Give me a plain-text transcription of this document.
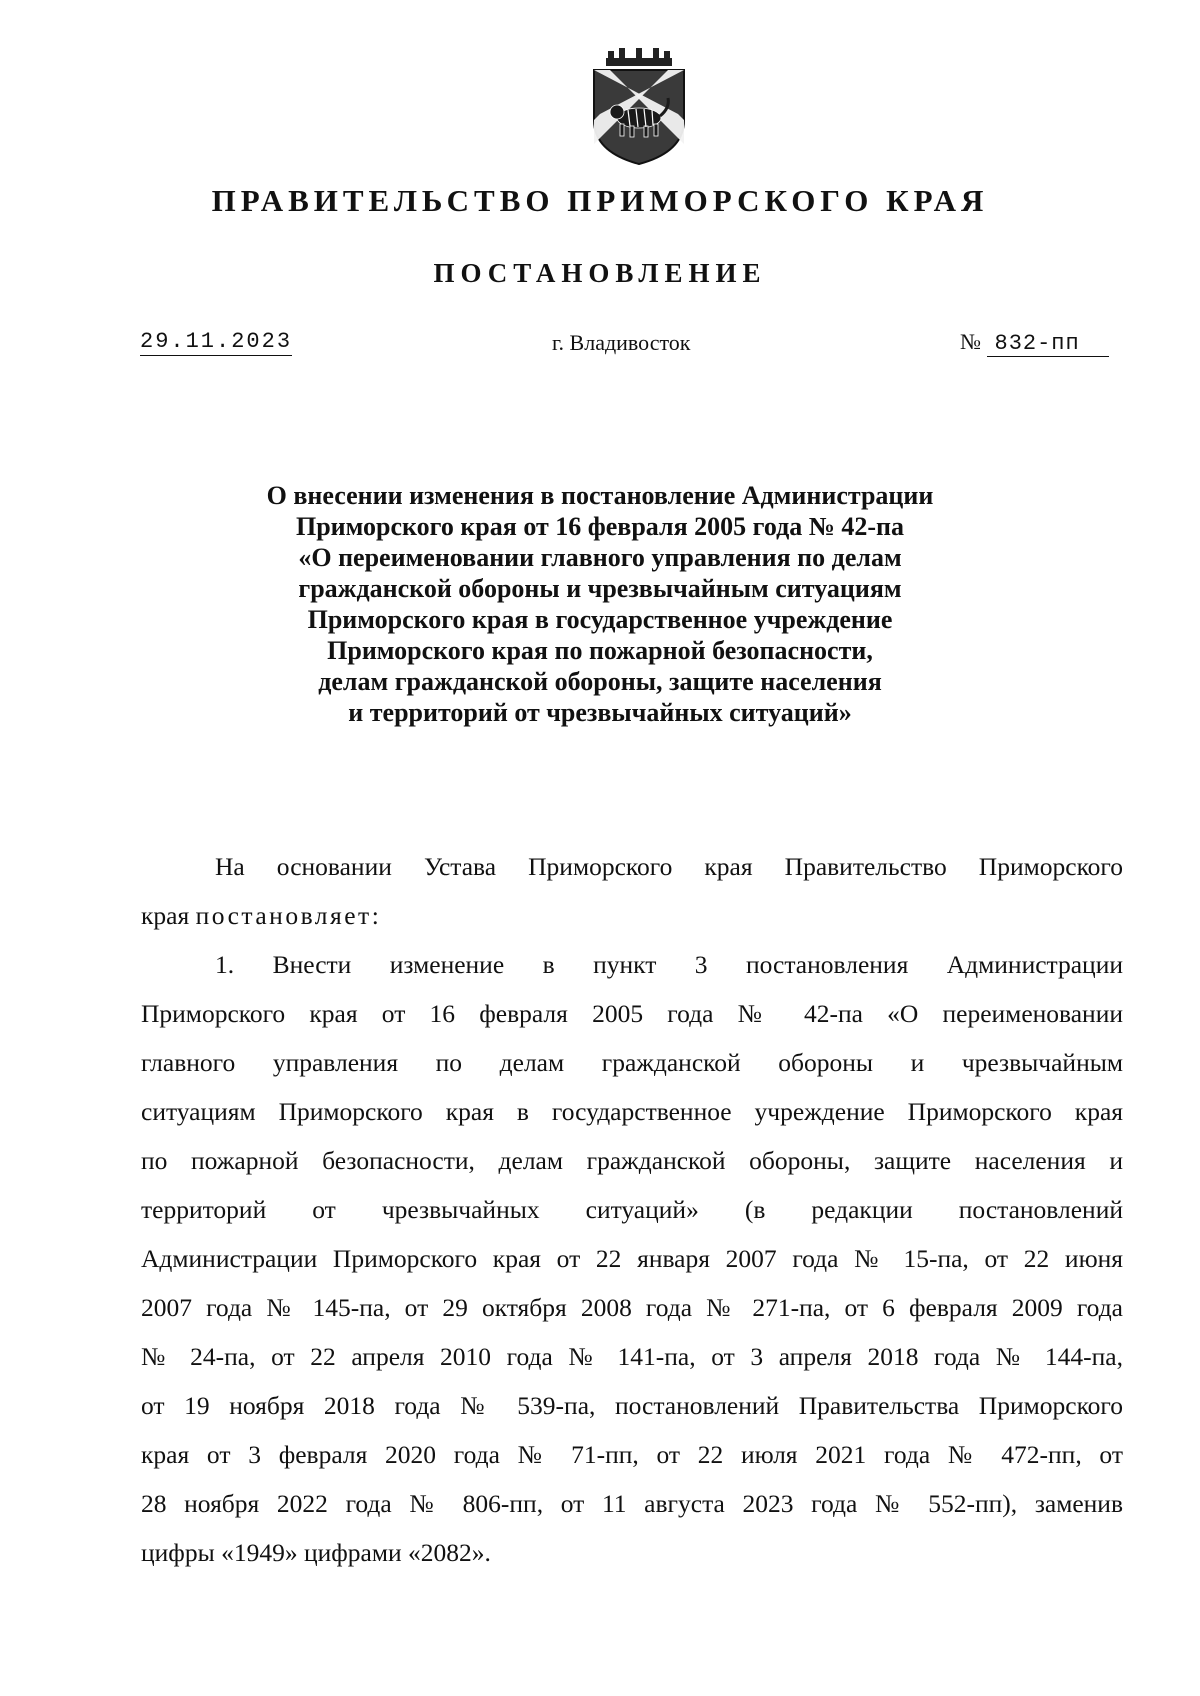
ПРАВИТЕЛЬСТВО ПРИМОРСКОГО КРАЯ
ПОСТАНОВЛЕНИЕ
29.11.2023	г. Владивосток	№ 832-пп
О внесении изменения в постановление Администрации
Приморского края от 16 февраля 2005 года № 42-па
«О переименовании главного управления по делам
гражданской обороны и чрезвычайным ситуациям
Приморского края в государственное учреждение
Приморского края по пожарной безопасности,
делам гражданской обороны, защите населения
и территорий от чрезвычайных ситуаций»
На основании Устава Приморского края Правительство Приморского
края постановляет:
1. Внести изменение в пункт 3 постановления Администрации
Приморского края от 16 февраля 2005 года № 42-па «О переименовании
главного управления по делам гражданской обороны и чрезвычайным
ситуациям Приморского края в государственное учреждение Приморского края
по пожарной безопасности, делам гражданской обороны, защите населения и
территорий от чрезвычайных ситуаций» (в редакции постановлений
Администрации Приморского края от 22 января 2007 года № 15-па, от 22 июня
2007 года № 145-па, от 29 октября 2008 года № 271-па, от 6 февраля 2009 года
№ 24-па, от 22 апреля 2010 года № 141-па, от 3 апреля 2018 года № 144-па,
от 19 ноября 2018 года № 539-па, постановлений Правительства Приморского
края от 3 февраля 2020 года № 71-пп, от 22 июля 2021 года № 472-пп, от
28 ноября 2022 года № 806-пп, от 11 августа 2023 года № 552-пп), заменив
цифры «1949» цифрами «2082».
